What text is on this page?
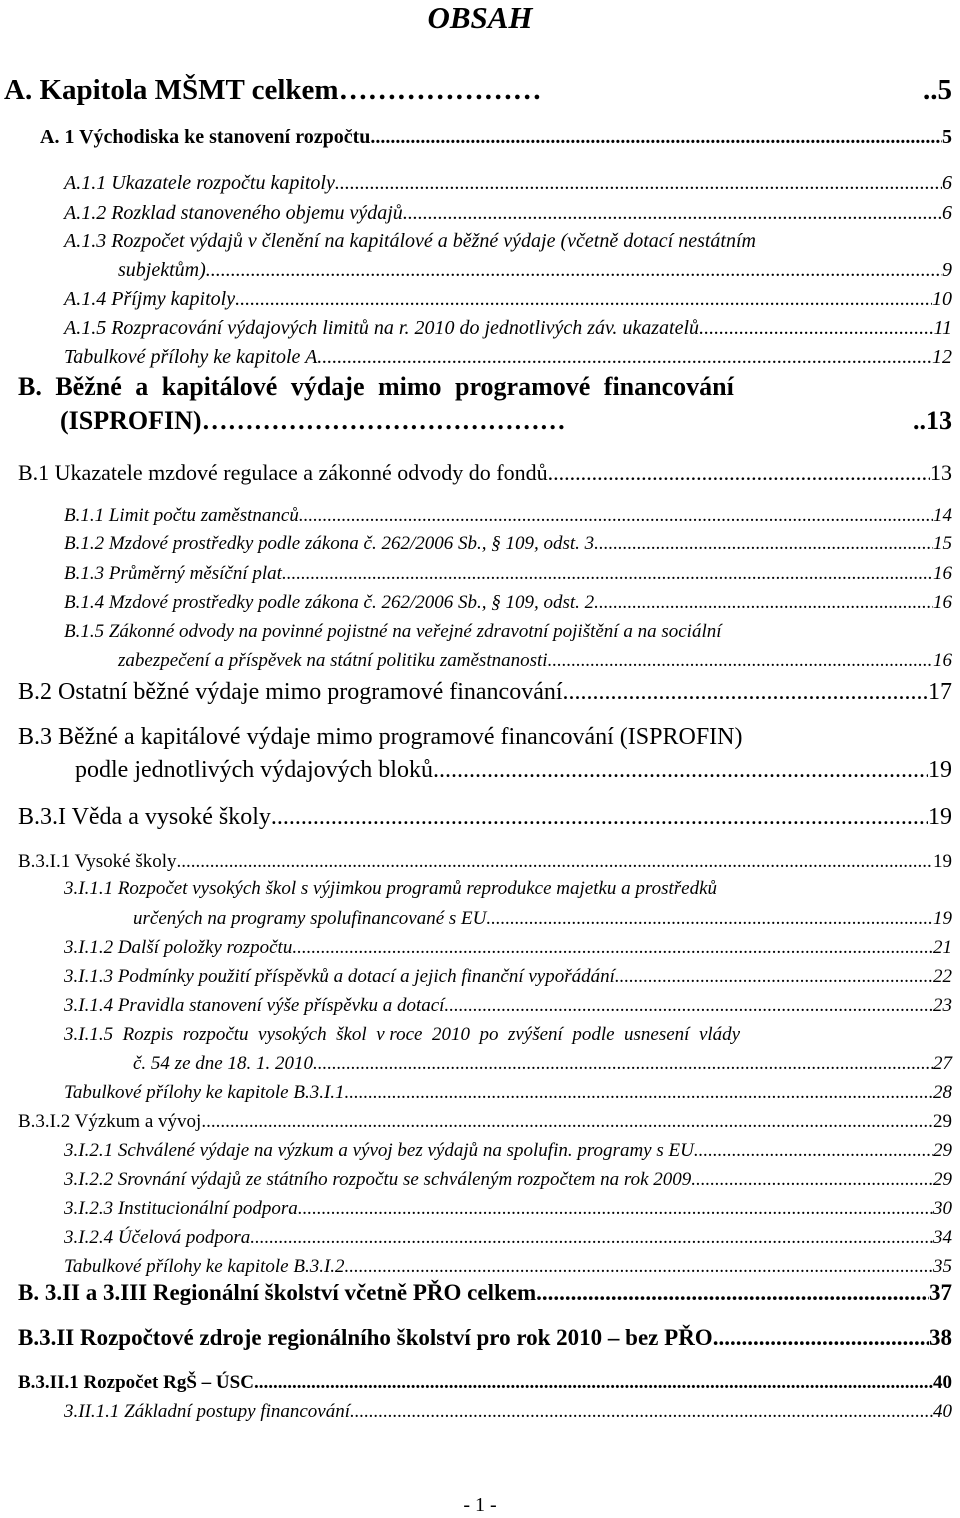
OBSAH
A. Kapitola MŠMT celkem …………………	..5
A. 1 Východiska ke stanovení rozpočtu .....	5
A.1.1 Ukazatele rozpočtu kapitoly .....	6
A.1.2 Rozklad stanoveného objemu výdajů .....	6
A.1.3 Rozpočet výdajů v členění na kapitálové a běžné výdaje (včetně dotací nestátním
subjektům) .....	9
A.1.4 Příjmy kapitoly .....	10
A.1.5 Rozpracování výdajových limitů na r. 2010 do jednotlivých záv. ukazatelů .....	11
Tabulkové přílohy ke kapitole A .....	12
B. Běžné a kapitálové výdaje mimo programové financování
(ISPROFIN) ……………………………………	..13
B.1 Ukazatele mzdové regulace a zákonné odvody do fondů .....	13
B.1.1 Limit počtu zaměstnanců .....	14
B.1.2 Mzdové prostředky podle zákona č. 262/2006 Sb., § 109, odst. 3. .....	15
B.1.3 Průměrný měsíční plat .....	16
B.1.4 Mzdové prostředky podle zákona č. 262/2006 Sb., § 109, odst. 2. .....	16
B.1.5 Zákonné odvody na povinné pojistné na veřejné zdravotní pojištění a na sociální
zabezpečení a příspěvek na státní politiku zaměstnanosti .....	16
B.2 Ostatní běžné výdaje mimo programové financování .....	17
B.3 Běžné a kapitálové výdaje mimo programové financování (ISPROFIN)
podle jednotlivých výdajových bloků .....	19
B.3.I Věda a vysoké školy .....	19
B.3.I.1 Vysoké školy .....	19
3.I.1.1 Rozpočet vysokých škol s výjimkou programů reprodukce majetku a prostředků
určených na programy spolufinancované s EU .....	19
3.I.1.2 Další položky rozpočtu .....	21
3.I.1.3 Podmínky použití příspěvků a dotací a jejich finanční vypořádání .....	22
3.I.1.4 Pravidla stanovení výše příspěvku a dotací. .....	23
3.I.1.5  Rozpis  rozpočtu  vysokých  škol  v roce  2010  po  zvýšení  podle  usnesení  vlády
č. 54 ze dne 18. 1. 2010. .....	27
Tabulkové přílohy ke kapitole B.3.I.1. .....	28
B.3.I.2 Výzkum a vývoj .....	29
3.I.2.1 Schválené výdaje na výzkum a vývoj bez výdajů na spolufin. programy s EU .....	29
3.I.2.2 Srovnání výdajů ze státního rozpočtu se schváleným rozpočtem na rok 2009 .....	29
3.I.2.3 Institucionální podpora .....	30
3.I.2.4 Účelová podpora .....	34
Tabulkové přílohy ke kapitole B.3.I.2. .....	35
B. 3.II a 3.III Regionální školství včetně PŘO celkem .....	37
B.3.II Rozpočtové zdroje regionálního školství pro rok 2010 – bez PŘO .....	38
B.3.II.1 Rozpočet RgŠ – ÚSC .....	40
3.II.1.1 Základní postupy financování .....	40
- 1 -
